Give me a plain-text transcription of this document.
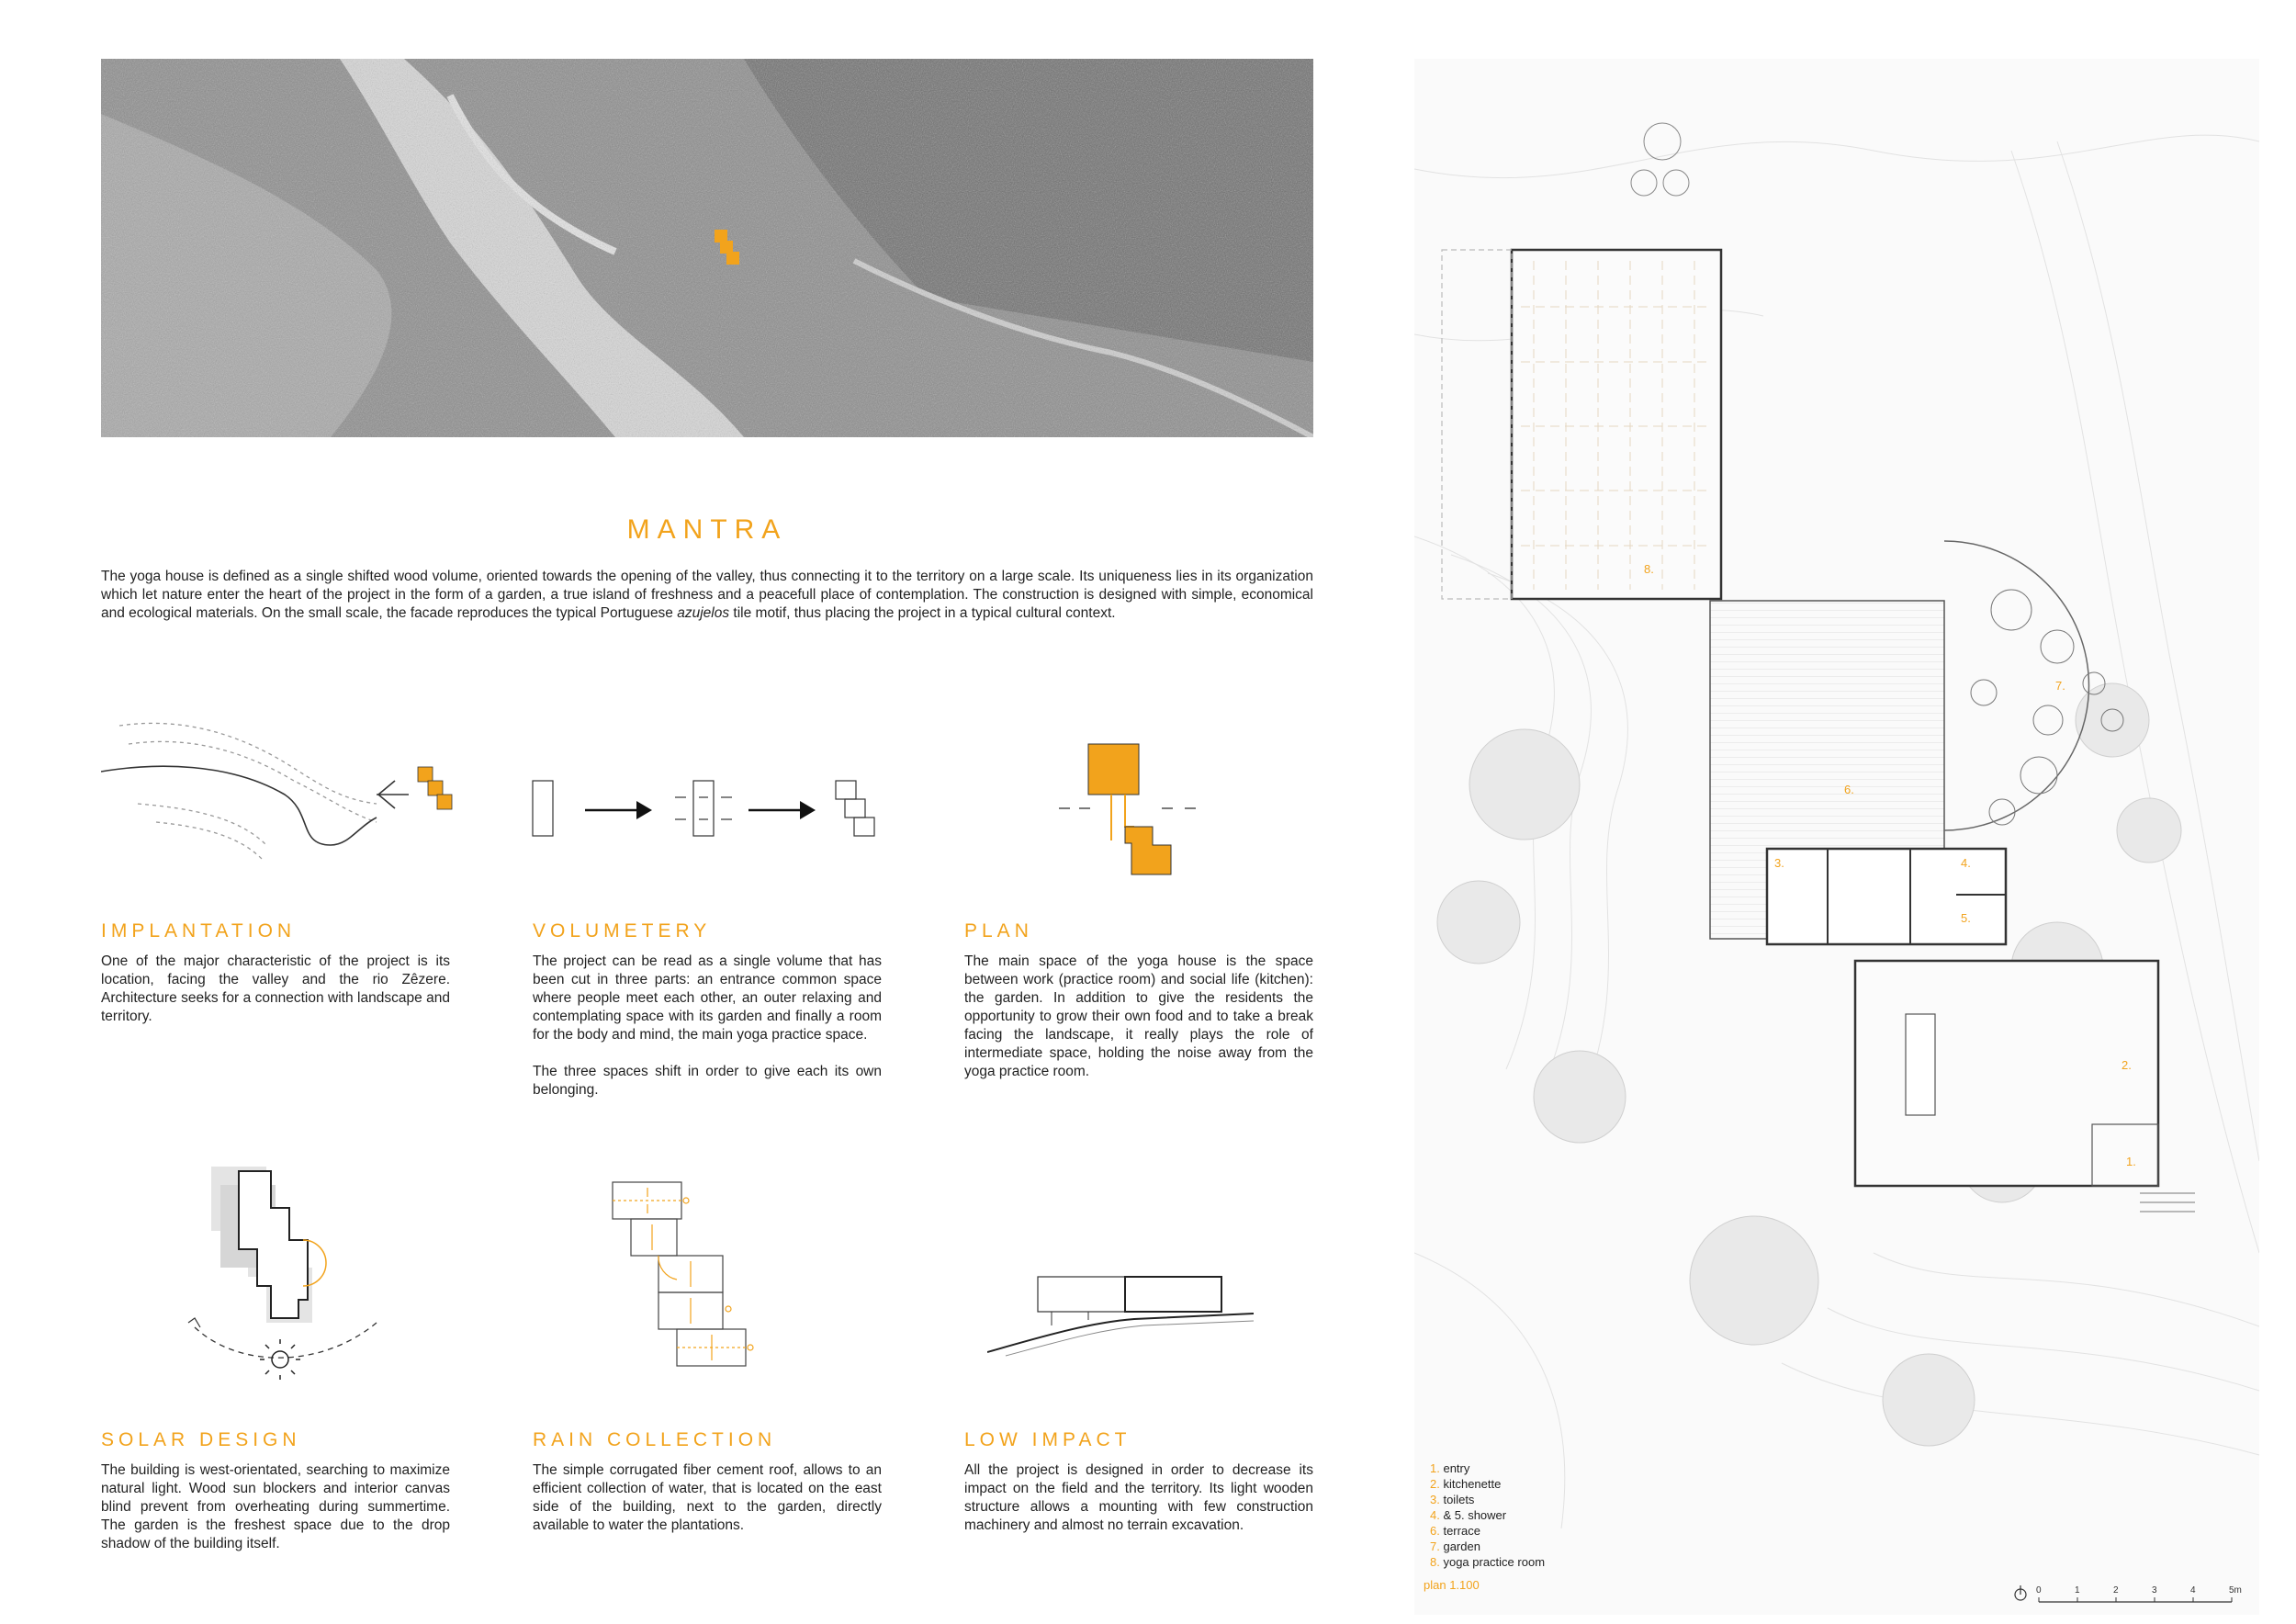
MANTRA
The yoga house is defined as a single shifted wood volume, oriented towards the opening of the valley, thus connecting it to the territory on a large scale. Its uniqueness lies in its organization which let nature enter the heart of the project in the form of a garden, a true island of freshness and a peacefull place of contemplation. The construction is designed with simple, economical and ecological materials. On the small scale, the facade reproduces the typical Portuguese azujelos tile motif, thus placing the project in a typical cultural context.
IMPLANTATION
One of the major characteristic of the project is its location, facing the valley and the rio Zêzere. Architecture seeks for a connection with landscape and territory.
VOLUMETERY

The project can be read as a single volume that has been cut in three parts: an entrance common space where people meet each other, an outer relaxing and contemplating space with its garden and finally a room for the body and mind, the main yoga practice space.

The three spaces shift in order to give each its own belonging.

PLAN
The main space of the yoga house is the space between work (practice room) and social life (kitchen): the garden. In addition to give the residents the opportunity to grow their own food and to take a break facing the landscape, it really plays the role of intermediate space, holding the noise away from the yoga practice room.
SOLAR DESIGN
The building is west-orientated, searching to maximize natural light. Wood sun blockers and interior canvas blind prevent from overheating during summertime. The garden is the freshest space due to the drop shadow of the building itself.
RAIN COLLECTION
The simple corrugated fiber cement roof, allows to an efficient collection of water, that is located on the east side of the building, next to the garden, directly available to water the plantations.
LOW IMPACT
All the project is designed in order to decrease its impact on the field and the territory. Its light wooden structure allows a mounting with few construction machinery and almost no terrain excavation.
1.
2.
3.	4.
5.
6.
7.
8.
1. entry
2. kitchenette
3. toilets
4. & 5. shower
6. terrace
7. garden
8. yoga practice room
plan 1.100	0	1	2	3	4	5m
